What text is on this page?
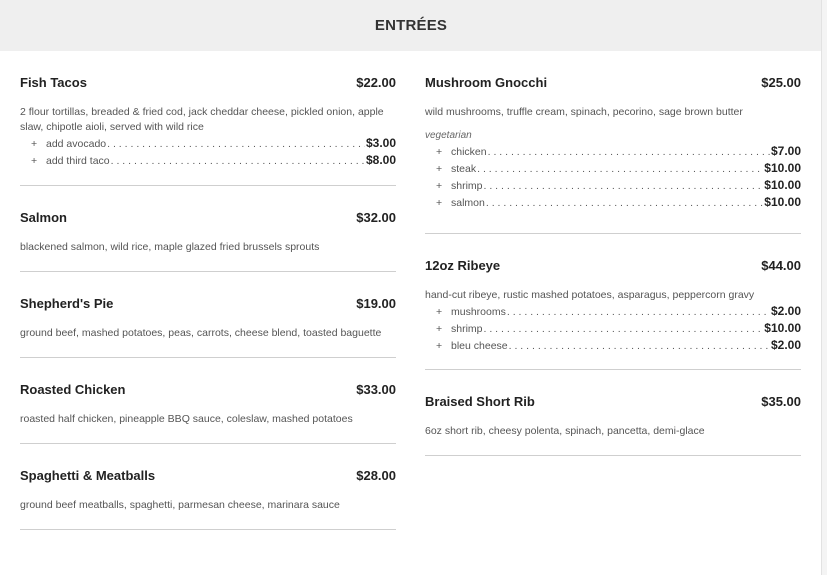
ENTRÉES
Fish Tacos	$22.00
2 flour tortillas, breaded & fried cod, jack cheddar cheese, pickled onion, apple slaw, chipotle aioli, served with wild rice
+ add avocado . . .	$3.00
+ add third taco . . .	$8.00
Salmon	$32.00
blackened salmon, wild rice, maple glazed fried brussels sprouts
Shepherd's Pie	$19.00
ground beef, mashed potatoes, peas, carrots, cheese blend, toasted baguette
Roasted Chicken	$33.00
roasted half chicken, pineapple BBQ sauce, coleslaw, mashed potatoes
Spaghetti & Meatballs	$28.00
ground beef meatballs, spaghetti, parmesan cheese, marinara sauce
Mushroom Gnocchi	$25.00
wild mushrooms, truffle cream, spinach, pecorino, sage brown butter
vegetarian
+ chicken . . .	$7.00
+ steak . . .	$10.00
+ shrimp . . .	$10.00
+ salmon . . .	$10.00
12oz Ribeye	$44.00
hand-cut ribeye, rustic mashed potatoes, asparagus, peppercorn gravy
+ mushrooms . . .	$2.00
+ shrimp . . .	$10.00
+ bleu cheese . . .	$2.00
Braised Short Rib	$35.00
6oz short rib, cheesy polenta, spinach, pancetta, demi-glace
